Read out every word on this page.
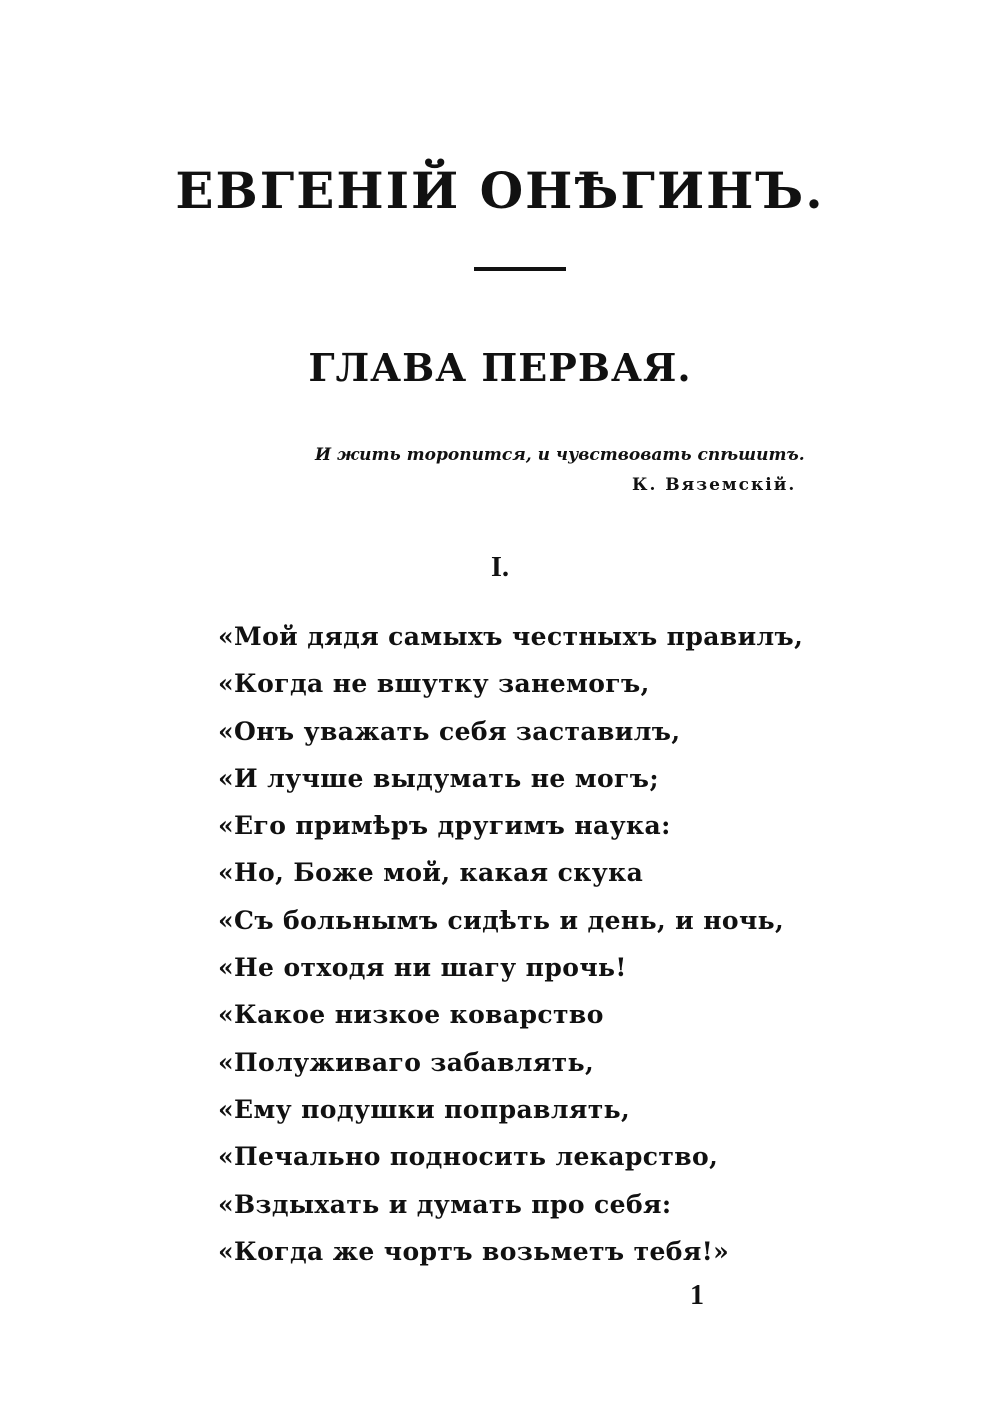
ЕВГЕНІЙ ОНѢГИНЪ.
ГЛАВА ПЕРВАЯ.
И жить торопится, и чувствовать спѣшитъ.
К. Вяземскій.
I.
«Мой дядя самыхъ честныхъ правилъ,
«Когда не вшутку занемогъ,
«Онъ уважать себя заставилъ,
«И лучше выдумать не могъ;
«Его примѣръ другимъ наука:
«Но, Боже мой, какая скука
«Съ больнымъ сидѣть и день, и ночь,
«Не отходя ни шагу прочь!
«Какое низкое коварство
«Полуживаго забавлять,
«Ему подушки поправлять,
«Печально подносить лекарство,
«Вздыхать и думать про себя:
«Когда же чортъ возьметъ тебя!»
1
